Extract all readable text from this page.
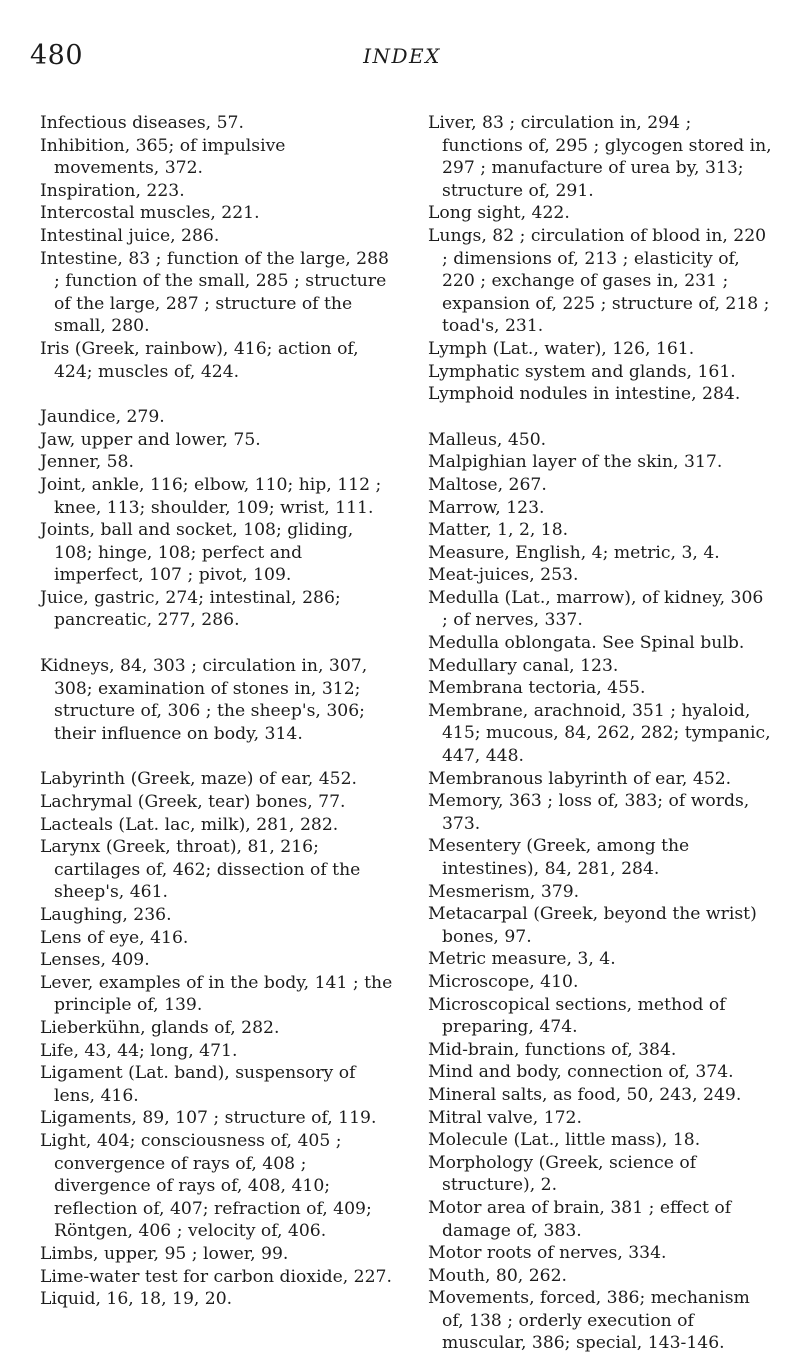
480	INDEX
Infectious diseases, 57.
Inhibition, 365; of impulsive movements, 372.
Inspiration, 223.
Intercostal muscles, 221.
Intestinal juice, 286.
Intestine, 83 ; function of the large, 288 ; function of the small, 285 ; structure of the large, 287 ; structure of the small, 280.
Iris (Greek, rainbow), 416; action of, 424; muscles of, 424.
Jaundice, 279.
Jaw, upper and lower, 75.
Jenner, 58.
Joint, ankle, 116; elbow, 110; hip, 112 ; knee, 113; shoulder, 109; wrist, 111.
Joints, ball and socket, 108; gliding, 108; hinge, 108; perfect and imperfect, 107 ; pivot, 109.
Juice, gastric, 274; intestinal, 286; pancreatic, 277, 286.
Kidneys, 84, 303 ; circulation in, 307, 308; examination of stones in, 312; structure of, 306 ; the sheep's, 306; their influence on body, 314.
Labyrinth (Greek, maze) of ear, 452.
Lachrymal (Greek, tear) bones, 77.
Lacteals (Lat. lac, milk), 281, 282.
Larynx (Greek, throat), 81, 216; cartilages of, 462; dissection of the sheep's, 461.
Laughing, 236.
Lens of eye, 416.
Lenses, 409.
Lever, examples of in the body, 141 ; the principle of, 139.
Lieberkühn, glands of, 282.
Life, 43, 44; long, 471.
Ligament (Lat. band), suspensory of lens, 416.
Ligaments, 89, 107 ; structure of, 119.
Light, 404; consciousness of, 405 ; convergence of rays of, 408 ; divergence of rays of, 408, 410; reflection of, 407; refraction of, 409; Röntgen, 406 ; velocity of, 406.
Limbs, upper, 95 ; lower, 99.
Lime-water test for carbon dioxide, 227.
Liquid, 16, 18, 19, 20.
Liver, 83 ; circulation in, 294 ; functions of, 295 ; glycogen stored in, 297 ; manufacture of urea by, 313; structure of, 291.
Long sight, 422.
Lungs, 82 ; circulation of blood in, 220 ; dimensions of, 213 ; elasticity of, 220 ; exchange of gases in, 231 ; expansion of, 225 ; structure of, 218 ; toad's, 231.
Lymph (Lat., water), 126, 161.
Lymphatic system and glands, 161.
Lymphoid nodules in intestine, 284.
Malleus, 450.
Malpighian layer of the skin, 317.
Maltose, 267.
Marrow, 123.
Matter, 1, 2, 18.
Measure, English, 4; metric, 3, 4.
Meat-juices, 253.
Medulla (Lat., marrow), of kidney, 306 ; of nerves, 337.
Medulla oblongata. See Spinal bulb.
Medullary canal, 123.
Membrana tectoria, 455.
Membrane, arachnoid, 351 ; hyaloid, 415; mucous, 84, 262, 282; tympanic, 447, 448.
Membranous labyrinth of ear, 452.
Memory, 363 ; loss of, 383; of words, 373.
Mesentery (Greek, among the intestines), 84, 281, 284.
Mesmerism, 379.
Metacarpal (Greek, beyond the wrist) bones, 97.
Metric measure, 3, 4.
Microscope, 410.
Microscopical sections, method of preparing, 474.
Mid-brain, functions of, 384.
Mind and body, connection of, 374.
Mineral salts, as food, 50, 243, 249.
Mitral valve, 172.
Molecule (Lat., little mass), 18.
Morphology (Greek, science of structure), 2.
Motor area of brain, 381 ; effect of damage of, 383.
Motor roots of nerves, 334.
Mouth, 80, 262.
Movements, forced, 386; mechanism of, 138 ; orderly execution of muscular, 386; special, 143-146.
